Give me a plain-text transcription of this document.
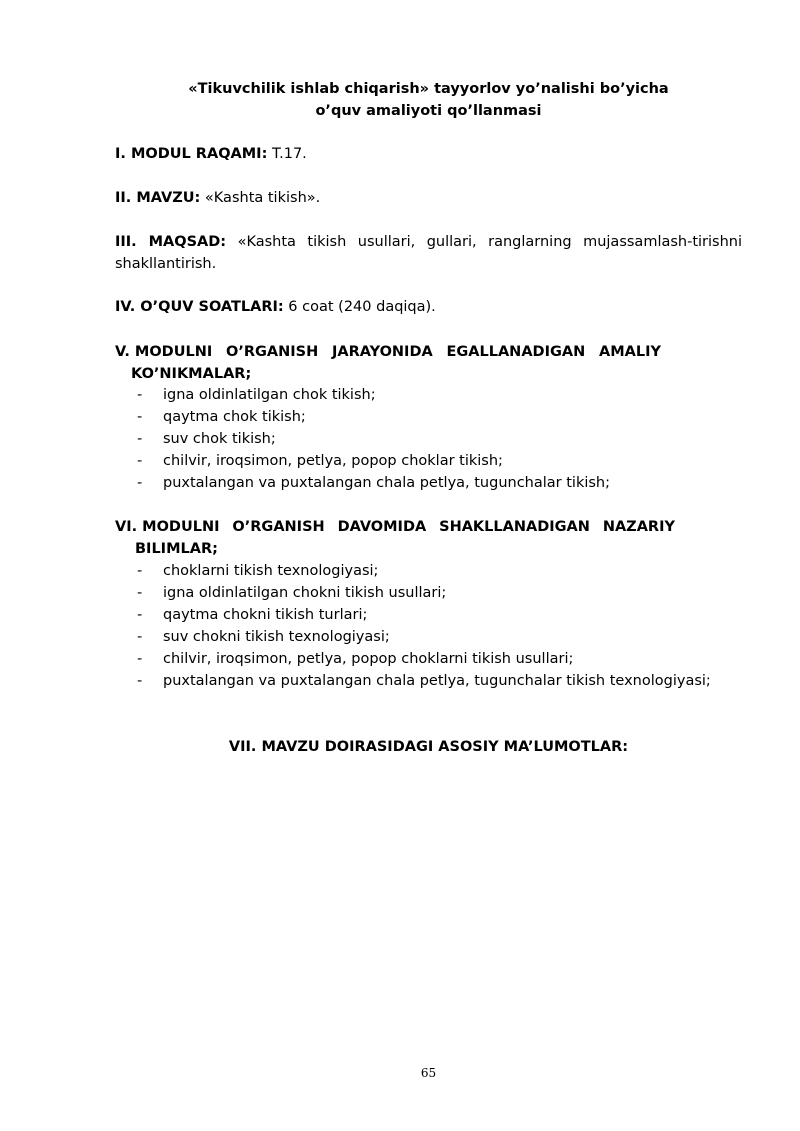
«Tikuvchilik ishlab chiqarish» tayyorlov yo’nalishi bo’yicha
o’quv amaliyoti qo’llanmasi
I. MODUL RAQAMI: T.17.
II. MAVZU: «Kashta tikish».
III. MAQSAD: «Kashta tikish usullari, gullari, ranglarning mujassamlash-tirishni shakllantirish.
IV. O’QUV SOATLARI: 6 coat (240 daqiqa).
V. MODULNI O’RGANISH JARAYONIDA EGALLANADIGAN AMALIY
KO’NIKMALAR;
-	igna oldinlatilgan chok tikish;
-	qaytma chok tikish;
-	suv chok tikish;
-	chilvir, iroqsimon, petlya, popop choklar tikish;
-	puxtalangan va puxtalangan chala petlya, tugunchalar tikish;
VI. MODULNI O’RGANISH DAVOMIDA SHAKLLANADIGAN NAZARIY
BILIMLAR;
-	choklarni tikish texnologiyasi;
-	igna oldinlatilgan chokni tikish usullari;
-	qaytma chokni tikish turlari;
-	suv chokni tikish texnologiyasi;
-	chilvir, iroqsimon, petlya, popop choklarni tikish usullari;
-	puxtalangan va puxtalangan chala petlya, tugunchalar tikish texnologiyasi;
VII. MAVZU DOIRASIDAGI ASOSIY MA’LUMOTLAR:
65
